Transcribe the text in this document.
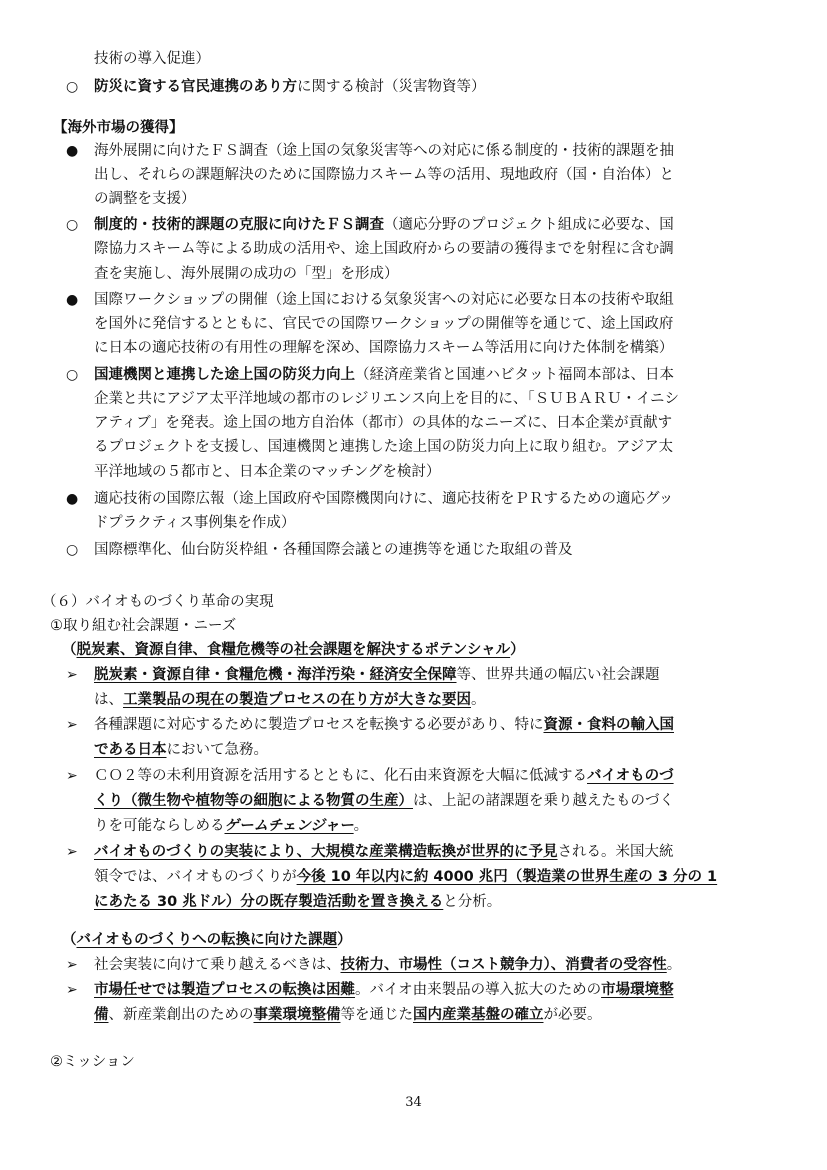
技術の導入促進）
○ 防災に資する官民連携のあり方に関する検討（災害物資等）
【海外市場の獲得】
● 海外展開に向けたＦＳ調査（途上国の気象災害等への対応に係る制度的・技術的課題を抽
出し、それらの課題解決のために国際協力スキーム等の活用、現地政府（国・自治体）と
の調整を支援）
○ 制度的・技術的課題の克服に向けたＦＳ調査（適応分野のプロジェクト組成に必要な、国
際協力スキーム等による助成の活用や、途上国政府からの要請の獲得までを射程に含む調
査を実施し、海外展開の成功の「型」を形成）
● 国際ワークショップの開催（途上国における気象災害への対応に必要な日本の技術や取組
を国外に発信するとともに、官民での国際ワークショップの開催等を通じて、途上国政府
に日本の適応技術の有用性の理解を深め、国際協力スキーム等活用に向けた体制を構築）
○ 国連機関と連携した途上国の防災力向上（経済産業省と国連ハビタット福岡本部は、日本
企業と共にアジア太平洋地域の都市のレジリエンス向上を目的に、「ＳＵＢＡＲＵ・イニシ
アティブ」を発表。途上国の地方自治体（都市）の具体的なニーズに、日本企業が貢献す
るプロジェクトを支援し、国連機関と連携した途上国の防災力向上に取り組む。アジア太
平洋地域の５都市と、日本企業のマッチングを検討）
● 適応技術の国際広報（途上国政府や国際機関向けに、適応技術をＰＲするための適応グッ
ドプラクティス事例集を作成）
○ 国際標準化、仙台防災枠組・各種国際会議との連携等を通じた取組の普及
（６）バイオものづくり革命の実現
①取り組む社会課題・ニーズ
（脱炭素、資源自律、食糧危機等の社会課題を解決するポテンシャル）
➢ 脱炭素・資源自律・食糧危機・海洋汚染・経済安全保障等、世界共通の幅広い社会課題
は、工業製品の現在の製造プロセスの在り方が大きな要因。
➢ 各種課題に対応するために製造プロセスを転換する必要があり、特に資源・食料の輸入国
である日本において急務。
➢ ＣＯ２等の未利用資源を活用するとともに、化石由来資源を大幅に低減するバイオものづ
くり（微生物や植物等の細胞による物質の生産）は、上記の諸課題を乗り越えたものづく
りを可能ならしめるゲームチェンジャー。
➢ バイオものづくりの実装により、大規模な産業構造転換が世界的に予見される。米国大統
領令では、バイオものづくりが今後 10 年以内に約 4000 兆円（製造業の世界生産の 3 分の 1
にあたる 30 兆ドル）分の既存製造活動を置き換えると分析。
（バイオものづくりへの転換に向けた課題）
➢ 社会実装に向けて乗り越えるべきは、技術力、市場性（コスト競争力）、消費者の受容性。
➢ 市場任せでは製造プロセスの転換は困難。バイオ由来製品の導入拡大のための市場環境整
備、新産業創出のための事業環境整備等を通じた国内産業基盤の確立が必要。
②ミッション
34
